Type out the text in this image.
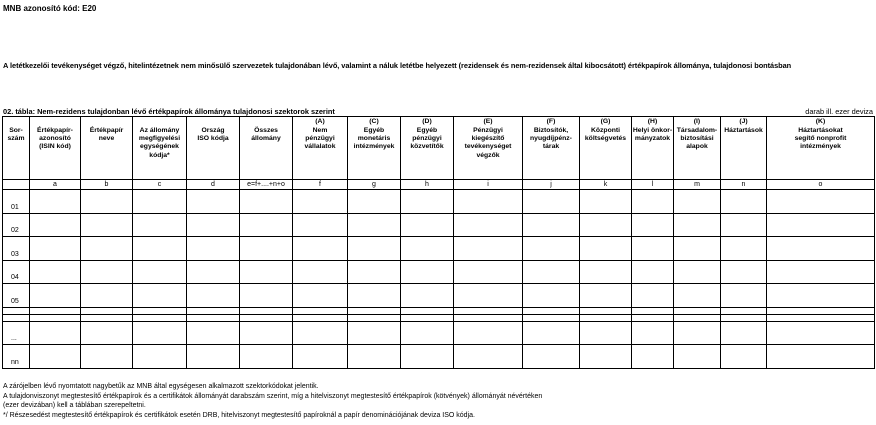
MNB azonosító kód: E20
A letétkezelői tevékenységet végző, hitelintézetnek nem minősülő szervezetek tulajdonában lévő, valamint a náluk letétbe helyezett (rezidensek és nem-rezidensek által kibocsátott) értékpapírok állománya, tulajdonosi bontásban
02. tábla: Nem-rezidens tulajdonban lévő értékpapírok állománya tulajdonosi szektorok szerint	darab ill. ezer deviza
Sor-
szám	Értékpapír-
azonosító
(ISIN kód)	Értékpapír
neve	Az állomány
megfigyelési
egységének
kódja*	Ország
ISO kódja	Összes
állomány	(A)
Nem
pénzügyi
vállalatok	(C)
Egyéb
monetáris
intézmények	(D)
Egyéb
pénzügyi
közvetítők	(E)
Pénzügyi
kiegészítő
tevékenységet
végzők	(F)
Biztosítók,
nyugdíjpénz-
tárak	(G)
Központi
költségvetés	(H)
Helyi önkor-
mányzatok	(I)
Társadalom-
biztosítási
alapok	(J)
Háztartások	(K)
Háztartásokat
segítő nonprofit
intézmények
	a	b	c	d	e=f+....+n+o	f	g	h	i	j	k	l	m	n	o
01															
02															
03															
04															
05															

...															
nn															
A zárójelben lévő nyomtatott nagybetűk az MNB által egységesen alkalmazott szektorkódokat jelentik.
A tulajdonviszonyt megtestesítő értékpapírok és a certifikátok állományát darabszám szerint, míg a hitelviszonyt megtestesítő értékpapírok (kötvények) állományát névértéken
(ezer devizában) kell a táblában szerepeltetni.
*/ Részesedést megtestesítő értékpapírok és certifikátok esetén DRB, hitelviszonyt megtestesítő papíroknál a papír denominációjának deviza ISO kódja.
